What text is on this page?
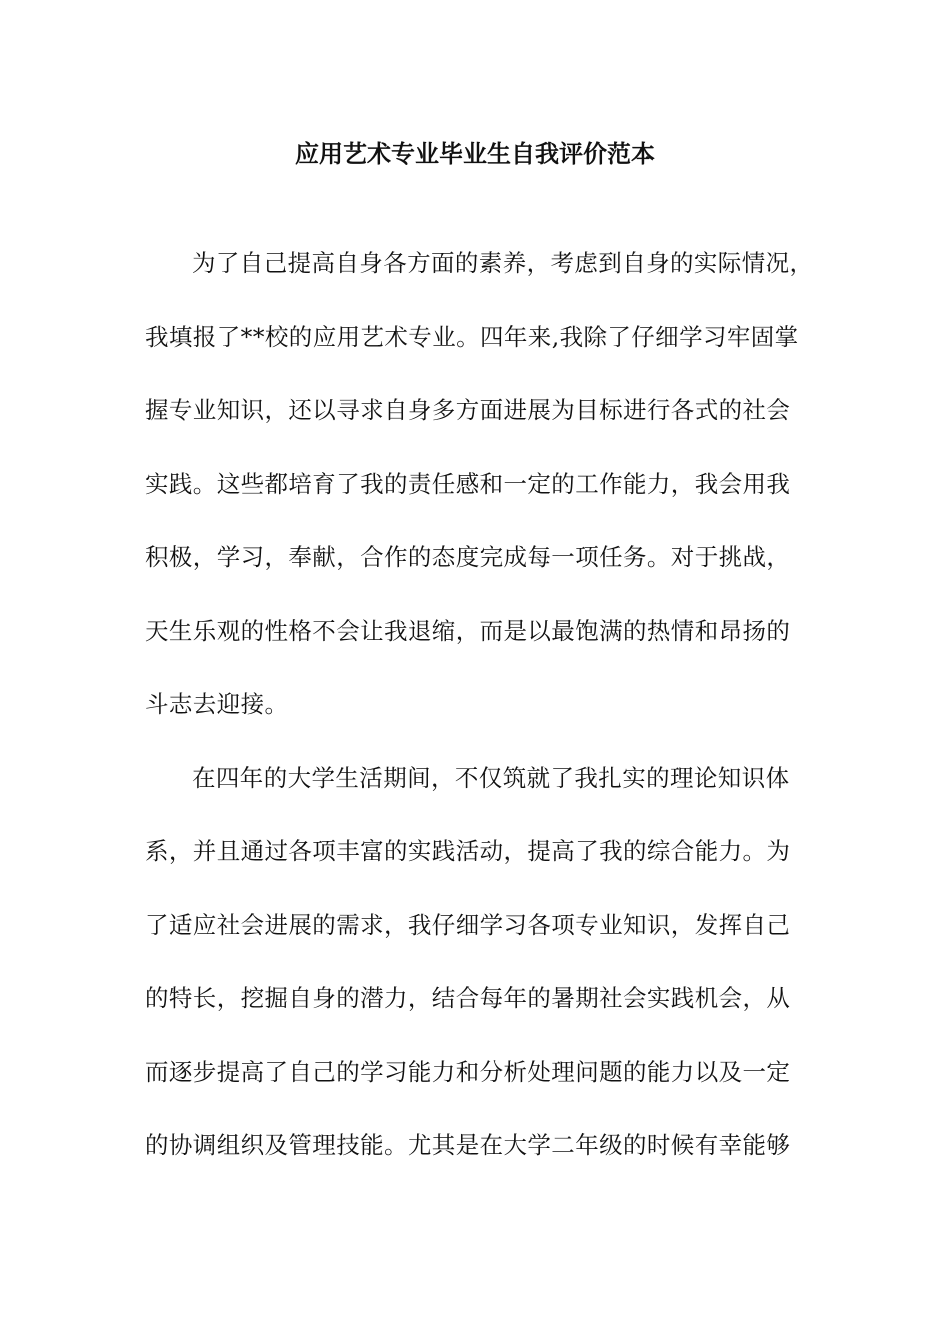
应用艺术专业毕业生自我评价范本
为了自己提高自身各方面的素养，考虑到自身的实际情况，
我填报了**校的应用艺术专业。四年来,我除了仔细学习牢固掌
握专业知识，还以寻求自身多方面进展为目标进行各式的社会
实践。这些都培育了我的责任感和一定的工作能力，我会用我
积极，学习，奉献，合作的态度完成每一项任务。对于挑战，
天生乐观的性格不会让我退缩，而是以最饱满的热情和昂扬的
斗志去迎接。
在四年的大学生活期间，不仅筑就了我扎实的理论知识体
系，并且通过各项丰富的实践活动，提高了我的综合能力。为
了适应社会进展的需求，我仔细学习各项专业知识，发挥自己
的特长，挖掘自身的潜力，结合每年的暑期社会实践机会，从
而逐步提高了自己的学习能力和分析处理问题的能力以及一定
的协调组织及管理技能。尤其是在大学二年级的时候有幸能够
